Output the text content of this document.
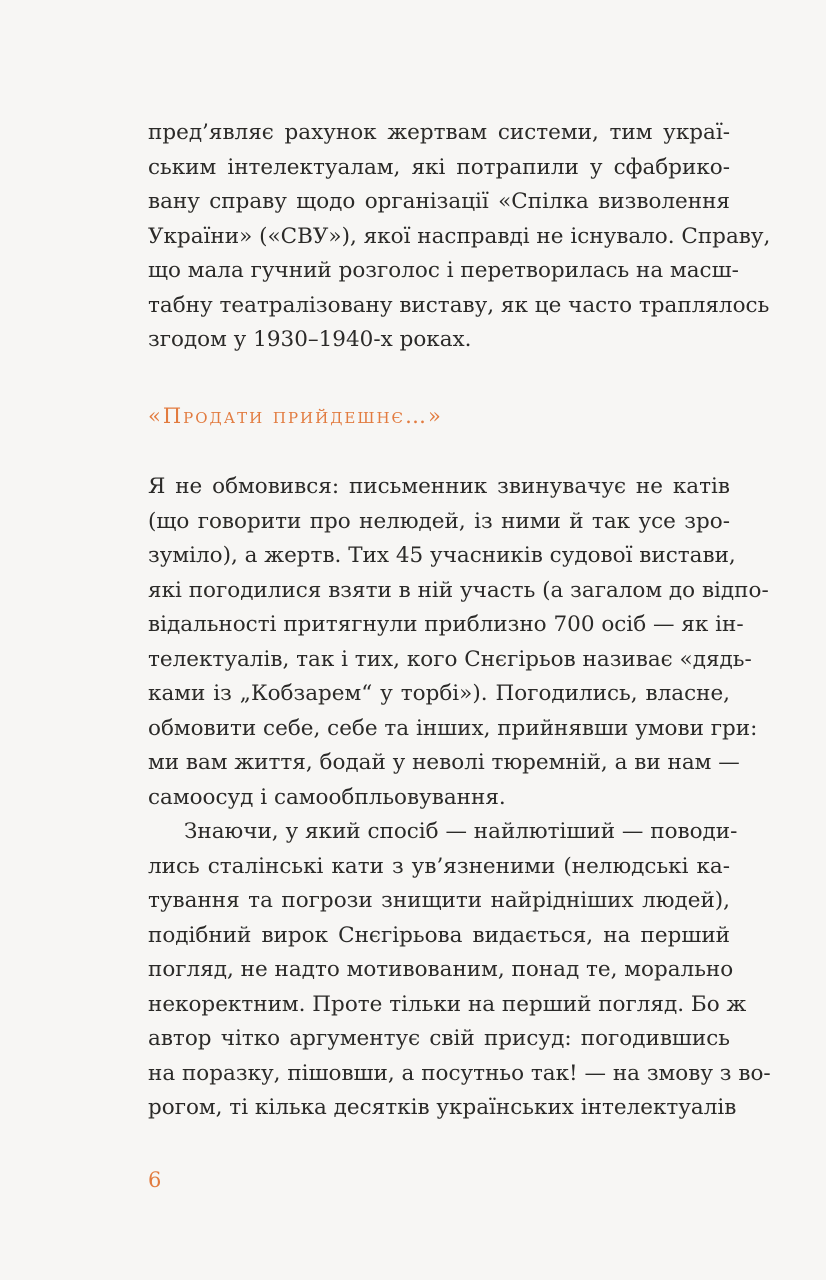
пред’являє рахунок жертвам системи, тим украї-
ським інтелектуалам, які потрапили у сфабрико-
вану справу щодо організації «Спілка визволення
України» («СВУ»), якої насправді не існувало. Справу,
що мала гучний розголос і перетворилась на масш-
табну театралізовану виставу, як це часто траплялось
згодом у 1930–1940-х роках.
«Продати прийдешнє…»
Я не обмовився: письменник звинувачує не катів
(що говорити про нелюдей, із ними й так усе зро-
зуміло), а жертв. Тих 45 учасників судової вистави,
які погодилися взяти в ній участь (а загалом до відпо-
відальності притягнули приблизно 700 осіб — як ін-
телектуалів, так і тих, кого Снєгірьов називає «дядь-
ками із „Кобзарем“ у торбі»). Погодились, власне,
обмовити себе, себе та інших, прийнявши умови гри:
ми вам життя, бодай у неволі тюремній, а ви нам —
самоосуд і самообпльовування.
Знаючи, у який спосіб — найлютіший — поводи-
лись сталінські кати з ув’язненими (нелюдські ка-
тування та погрози знищити найрідніших людей),
подібний вирок Снєгірьова видається, на перший
погляд, не надто мотивованим, понад те, морально
некоректним. Проте тільки на перший погляд. Бо ж
автор чітко аргументує свій присуд: погодившись
на поразку, пішовши, а посутньо так! — на змову з во-
рогом, ті кілька десятків українських інтелектуалів
6
